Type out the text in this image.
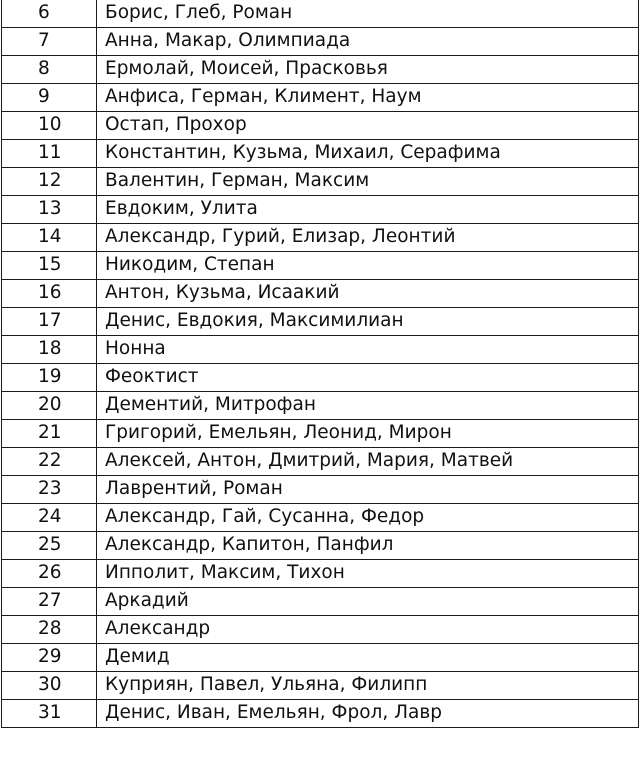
6	Борис, Глеб, Роман
7	Анна, Макар, Олимпиада
8	Ермолай, Моисей, Прасковья
9	Анфиса, Герман, Климент, Наум
10	Остап, Прохор
11	Константин, Кузьма, Михаил, Серафима
12	Валентин, Герман, Максим
13	Евдоким, Улита
14	Александр, Гурий, Елизар, Леонтий
15	Никодим, Степан
16	Антон, Кузьма, Исаакий
17	Денис, Евдокия, Максимилиан
18	Нонна
19	Феоктист
20	Дементий, Митрофан
21	Григорий, Емельян, Леонид, Мирон
22	Алексей, Антон, Дмитрий, Мария, Матвей
23	Лаврентий, Роман
24	Александр, Гай, Сусанна, Федор
25	Александр, Капитон, Панфил
26	Ипполит, Максим, Тихон
27	Аркадий
28	Александр
29	Демид
30	Куприян, Павел, Ульяна, Филипп
31	Денис, Иван, Емельян, Фрол, Лавр
